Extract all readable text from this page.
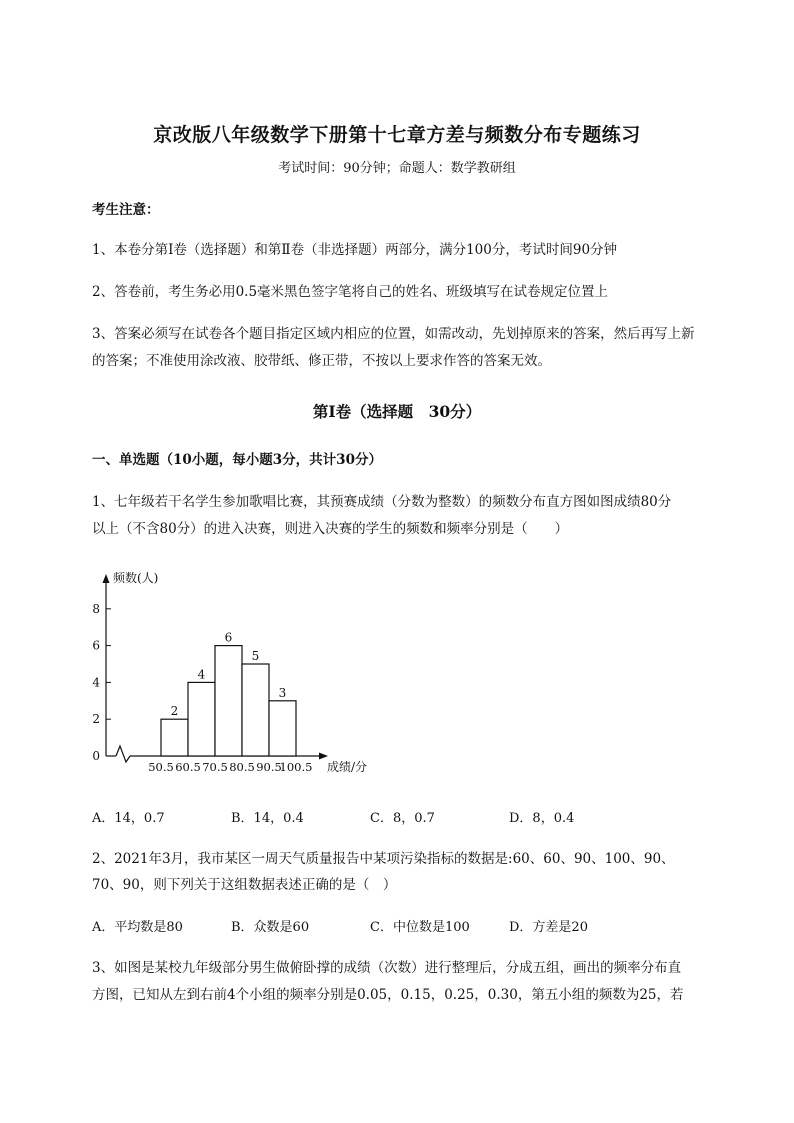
京改版八年级数学下册第十七章方差与频数分布专题练习
考试时间：90分钟；命题人：数学教研组
考生注意：
1、本卷分第Ⅰ卷（选择题）和第Ⅱ卷（非选择题）两部分，满分100分，考试时间90分钟
2、答卷前，考生务必用0.5毫米黑色签字笔将自己的姓名、班级填写在试卷规定位置上
3、答案必须写在试卷各个题目指定区域内相应的位置，如需改动，先划掉原来的答案，然后再写上新
的答案；不准使用涂改液、胶带纸、修正带，不按以上要求作答的答案无效。
第Ⅰ卷（选择题　30分）
一、单选题（10小题，每小题3分，共计30分）
1、七年级若干名学生参加歌唱比赛，其预赛成绩（分数为整数）的频数分布直方图如图成绩80分
以上（不含80分）的进入决赛，则进入决赛的学生的频数和频率分别是（　　）
频数(人)
成绩/分
0
2
4
6
8
2
4
6
5
3
50.5 60.5 70.5 80.5 90.5
100.5
A．14，0.7	B．14，0.4	C．8，0.7	D．8，0.4
2、2021年3月，我市某区一周天气质量报告中某项污染指标的数据是:60、60、90、100、90、
70、90，则下列关于这组数据表述正确的是（　）
A．平均数是80	B．众数是60	C．中位数是100	D．方差是20
3、如图是某校九年级部分男生做俯卧撑的成绩（次数）进行整理后，分成五组，画出的频率分布直
方图，已知从左到右前4个小组的频率分别是0.05，0.15，0.25，0.30，第五小组的频数为25，若
